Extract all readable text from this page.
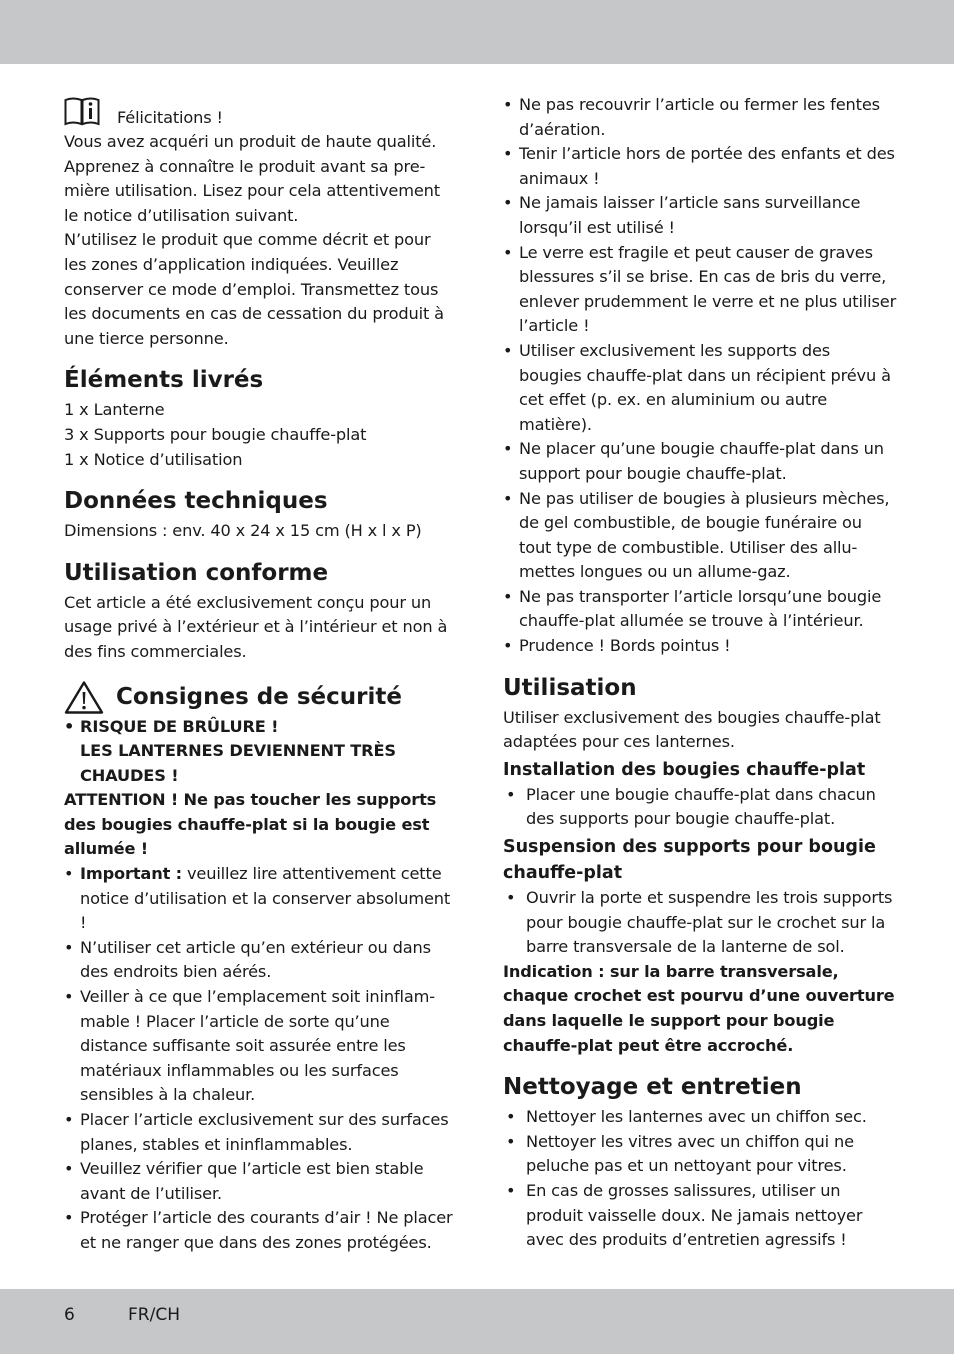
Félicitations !

Vous avez acquéri un produit de haute qualité. Apprenez à connaître le produit avant sa première utilisation. Lisez pour cela attentivement le notice d’utilisation suivant.

N’utilisez le produit que comme décrit et pour les zones d’application indiquées. Veuillez conserver ce mode d’emploi. Transmettez tous les documents en cas de cessation du produit à une tierce personne.

Éléments livrés

1 x Lanterne

3 x Supports pour bougie chauffe-plat

1 x Notice d’utilisation

Données techniques

Dimensions : env. 40 x 24 x 15 cm (H x l x P)

Utilisation conforme

Cet article a été exclusivement conçu pour un usage privé à l’extérieur et à l’intérieur et non à des fins commerciales.

Consignes de sécurité
• RISQUE DE BRÛLURE !
LES LANTERNES DEVIENNENT TRÈS CHAUDES !

ATTENTION ! Ne pas toucher les supports des bougies chauffe-plat si la bougie est allumée !

• Important : veuillez lire attentivement cette notice d’utilisation et la conserver absolument !
• N’utiliser cet article qu’en extérieur ou dans des endroits bien aérés.
• Veiller à ce que l’emplacement soit ininflammable ! Placer l’article de sorte qu’une distance suffisante soit assurée entre les matériaux inflammables ou les surfaces sensibles à la chaleur.
• Placer l’article exclusivement sur des surfaces planes, stables et ininflammables.
• Veuillez vérifier que l’article est bien stable avant de l’utiliser.
• Protéger l’article des courants d’air ! Ne placer et ne ranger que dans des zones protégées.
• Ne pas recouvrir l’article ou fermer les fentes d’aération.
• Tenir l’article hors de portée des enfants et des animaux !
• Ne jamais laisser l’article sans surveillance lorsqu’il est utilisé !
• Le verre est fragile et peut causer de graves blessures s’il se brise. En cas de bris du verre, enlever prudemment le verre et ne plus utiliser l’article !
• Utiliser exclusivement les supports des bougies chauffe-plat dans un récipient prévu à cet effet (p. ex. en aluminium ou autre matière).
• Ne placer qu’une bougie chauffe-plat dans un support pour bougie chauffe-plat.
• Ne pas utiliser de bougies à plusieurs mèches, de gel combustible, de bougie funéraire ou tout type de combustible. Utiliser des allumettes longues ou un allume-gaz.
• Ne pas transporter l’article lorsqu’une bougie chauffe-plat allumée se trouve à l’intérieur.
• Prudence ! Bords pointus !
Utilisation

Utiliser exclusivement des bougies chauffe-plat adaptées pour ces lanternes.

Installation des bougies chauffe-plat
• Placer une bougie chauffe-plat dans chacun des supports pour bougie chauffe-plat.
Suspension des supports pour bougie chauffe-plat
• Ouvrir la porte et suspendre les trois supports pour bougie chauffe-plat sur le crochet sur la barre transversale de la lanterne de sol.

Indication : sur la barre transversale, chaque crochet est pourvu d’une ouverture dans laquelle le support pour bougie chauffe-plat peut être accroché.

Nettoyage et entretien
• Nettoyer les lanternes avec un chiffon sec.
• Nettoyer les vitres avec un chiffon qui ne peluche pas et un nettoyant pour vitres.
• En cas de grosses salissures, utiliser un produit vaisselle doux. Ne jamais nettoyer avec des produits d’entretien agressifs !
6	FR/CH
